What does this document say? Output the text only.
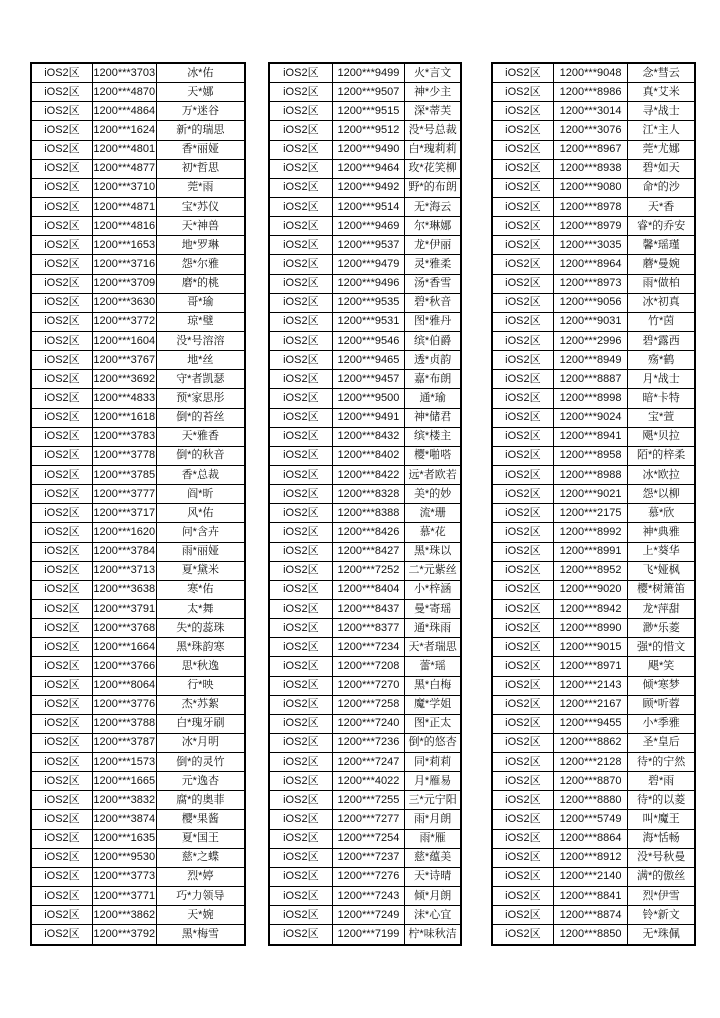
iOS2区	1200***3703	冰*佑
iOS2区	1200***4870	天*娜
iOS2区	1200***4864	万*迷谷
iOS2区	1200***1624	新*的瑞思
iOS2区	1200***4801	香*丽娅
iOS2区	1200***4877	初*哲思
iOS2区	1200***3710	莞*雨
iOS2区	1200***4871	宝*苏仪
iOS2区	1200***4816	天*神兽
iOS2区	1200***1653	地*罗琳
iOS2区	1200***3716	怨*尔雅
iOS2区	1200***3709	磨*的桃
iOS2区	1200***3630	哥*瑜
iOS2区	1200***3772	琼*璧
iOS2区	1200***1604	没*号溶溶
iOS2区	1200***3767	地*丝
iOS2区	1200***3692	守*者凯瑟
iOS2区	1200***4833	预*家思彤
iOS2区	1200***1618	倒*的苔丝
iOS2区	1200***3783	天*雅香
iOS2区	1200***3778	倒*的秋音
iOS2区	1200***3785	香*总裁
iOS2区	1200***3777	阎*昕
iOS2区	1200***3717	风*佑
iOS2区	1200***1620	问*含卉
iOS2区	1200***3784	雨*丽娅
iOS2区	1200***3713	夏*黛米
iOS2区	1200***3638	寒*佑
iOS2区	1200***3791	太*舞
iOS2区	1200***3768	失*的蕊珠
iOS2区	1200***1664	黑*珠韵寒
iOS2区	1200***3766	思*秋逸
iOS2区	1200***8064	行*映
iOS2区	1200***3776	杰*苏絮
iOS2区	1200***3788	白*瑰牙刷
iOS2区	1200***3787	冰*月明
iOS2区	1200***1573	倒*的灵竹
iOS2区	1200***1665	元*逸杏
iOS2区	1200***3832	腐*的奥菲
iOS2区	1200***3874	樱*果酱
iOS2区	1200***1635	夏*国王
iOS2区	1200***9530	慈*之蝶
iOS2区	1200***3773	烈*婷
iOS2区	1200***3771	巧*力领导
iOS2区	1200***3862	天*婉
iOS2区	1200***3792	黑*梅雪
iOS2区	1200***9499	火*言文
iOS2区	1200***9507	神*少主
iOS2区	1200***9515	深*蒂芙
iOS2区	1200***9512 没*号总裁
iOS2区	1200***9490 白*瑰莉莉
iOS2区	1200***9464 玫*花笑柳
iOS2区	1200***9492 野*的布朗
iOS2区	1200***9514	无*海云
iOS2区	1200***9469	尔*琳娜
iOS2区	1200***9537	龙*伊丽
iOS2区	1200***9479	灵*雅柔
iOS2区	1200***9496	汤*香雪
iOS2区	1200***9535	碧*秋音
iOS2区	1200***9531	图*雅丹
iOS2区	1200***9546	缤*伯爵
iOS2区	1200***9465	透*贞韵
iOS2区	1200***9457	嘉*布朗
iOS2区	1200***9500	通*瑜
iOS2区	1200***9491	神*储君
iOS2区	1200***8432	缤*楼主
iOS2区	1200***8402	樱*啪嗒
iOS2区	1200***8422 远*者欧若
iOS2区	1200***8328	美*的妙
iOS2区	1200***8388	流*珊
iOS2区	1200***8426	慕*花
iOS2区	1200***8427	黑*珠以
iOS2区	1200***7252 二*元紫丝
iOS2区	1200***8404	小*梓涵
iOS2区	1200***8437	曼*寄瑶
iOS2区	1200***8377	通*珠雨
iOS2区	1200***7234 天*者瑞思
iOS2区	1200***7208	蕾*瑶
iOS2区	1200***7270	黑*白梅
iOS2区	1200***7258	魔*学姐
iOS2区	1200***7240	图*正太
iOS2区	1200***7236 倒*的悠杏
iOS2区	1200***7247	同*莉莉
iOS2区	1200***4022	月*雁易
iOS2区	1200***7255 三*元宁阳
iOS2区	1200***7277	雨*月朗
iOS2区	1200***7254	雨*雁
iOS2区	1200***7237	慈*蕴美
iOS2区	1200***7276	天*诗晴
iOS2区	1200***7243	倾*月朗
iOS2区	1200***7249	沫*心宜
iOS2区	1200***7199 柠*味秋洁
iOS2区	1200***9048	念*彗云
iOS2区	1200***8986	真*艾米
iOS2区	1200***3014	寻*战士
iOS2区	1200***3076	江*主人
iOS2区	1200***8967	莞*尤娜
iOS2区	1200***8938	碧*如天
iOS2区	1200***9080	命*的沙
iOS2区	1200***8978	天*香
iOS2区	1200***8979	睿*的乔安
iOS2区	1200***3035	馨*瑶瑾
iOS2区	1200***8964	蘑*曼婉
iOS2区	1200***8973	雨*做柏
iOS2区	1200***9056	冰*初真
iOS2区	1200***9031	竹*茵
iOS2区	1200***2996	碧*露西
iOS2区	1200***8949	殇*鹤
iOS2区	1200***8887	月*战士
iOS2区	1200***8998	暗*卡特
iOS2区	1200***9024	宝*萱
iOS2区	1200***8941	飓*贝拉
iOS2区	1200***8958	陌*的梓柔
iOS2区	1200***8988	冰*欧拉
iOS2区	1200***9021	怨*以柳
iOS2区	1200***2175	慕*欣
iOS2区	1200***8992	神*典雅
iOS2区	1200***8991	上*葵华
iOS2区	1200***8952	飞*娅枫
iOS2区	1200***9020	樱*树箫笛
iOS2区	1200***8942	龙*萍甜
iOS2区	1200***8990	渺*乐菱
iOS2区	1200***9015	强*的惜文
iOS2区	1200***8971	飓*笑
iOS2区	1200***2143	倾*寒梦
iOS2区	1200***2167	顾*听蓉
iOS2区	1200***9455	小*季雅
iOS2区	1200***8862	圣*皇后
iOS2区	1200***2128	待*的宁然
iOS2区	1200***8870	碧*雨
iOS2区	1200***8880	待*的以菱
iOS2区	1200***5749	叫*魔王
iOS2区	1200***8864	海*恬畅
iOS2区	1200***8912	没*号秋曼
iOS2区	1200***2140	满*的傲丝
iOS2区	1200***8841	烈*伊雪
iOS2区	1200***8874	铃*新文
iOS2区	1200***8850	无*珠佩
